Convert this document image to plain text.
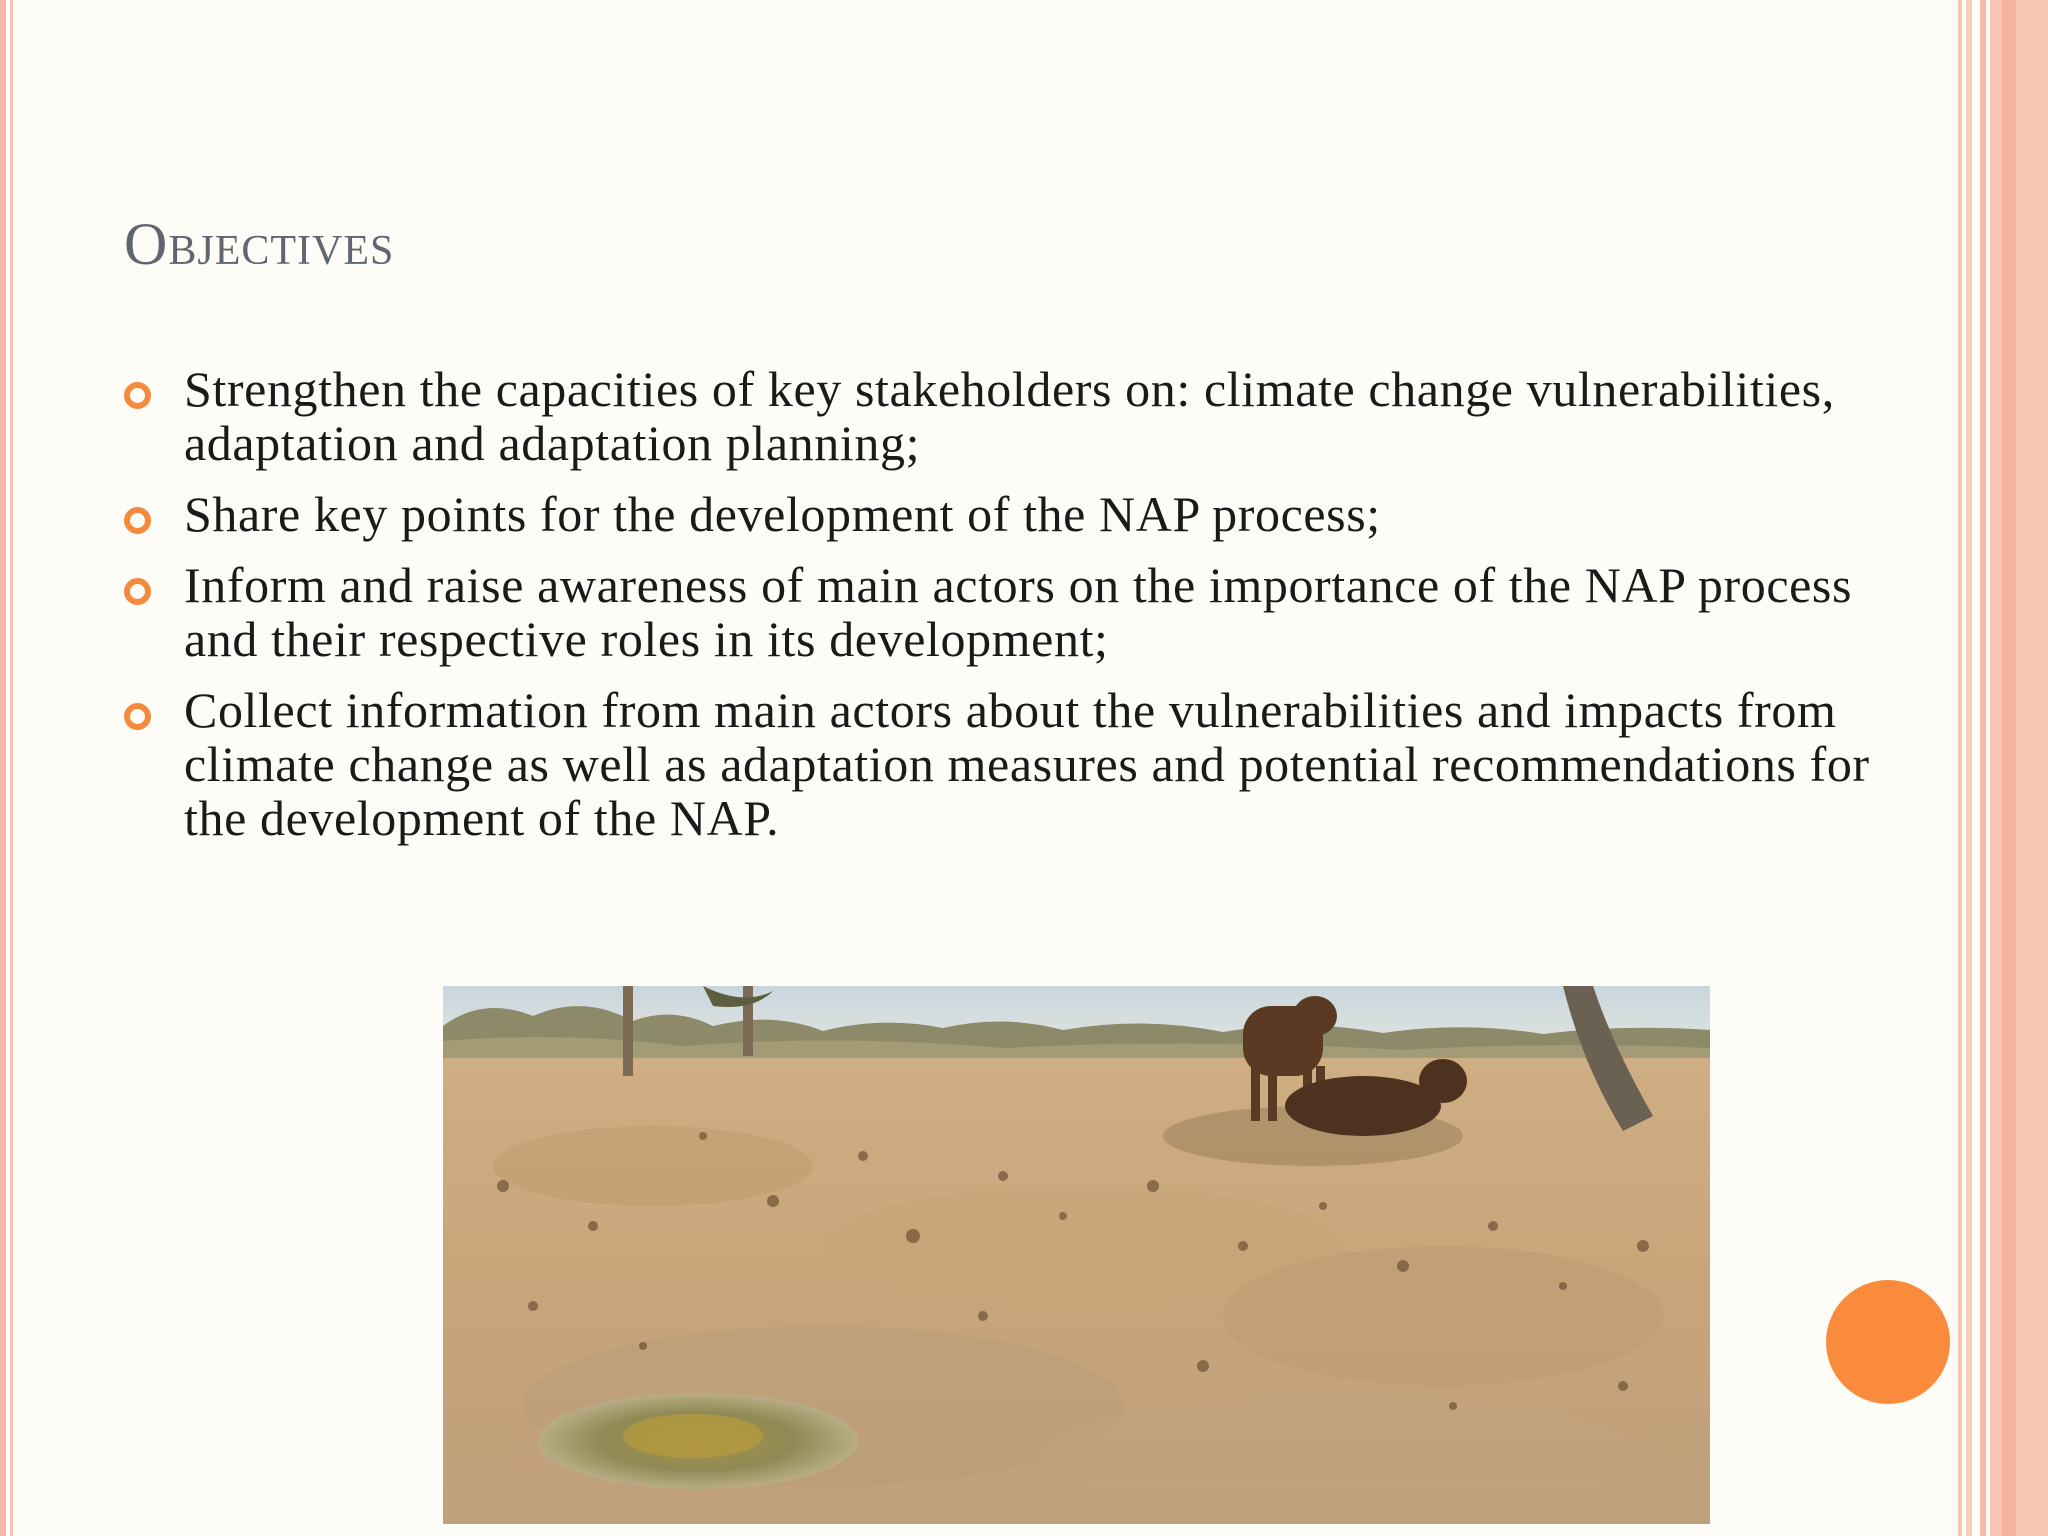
Objectives
Strengthen the capacities of key stakeholders on: climate change vulnerabilities, adaptation and adaptation planning;
Share key points for the development of the NAP process;
Inform and raise awareness of main actors on the importance of the NAP process and their respective roles in its development;
Collect information from main actors about the vulnerabilities and impacts from climate change as well as adaptation measures and potential recommendations for the development of the NAP.
